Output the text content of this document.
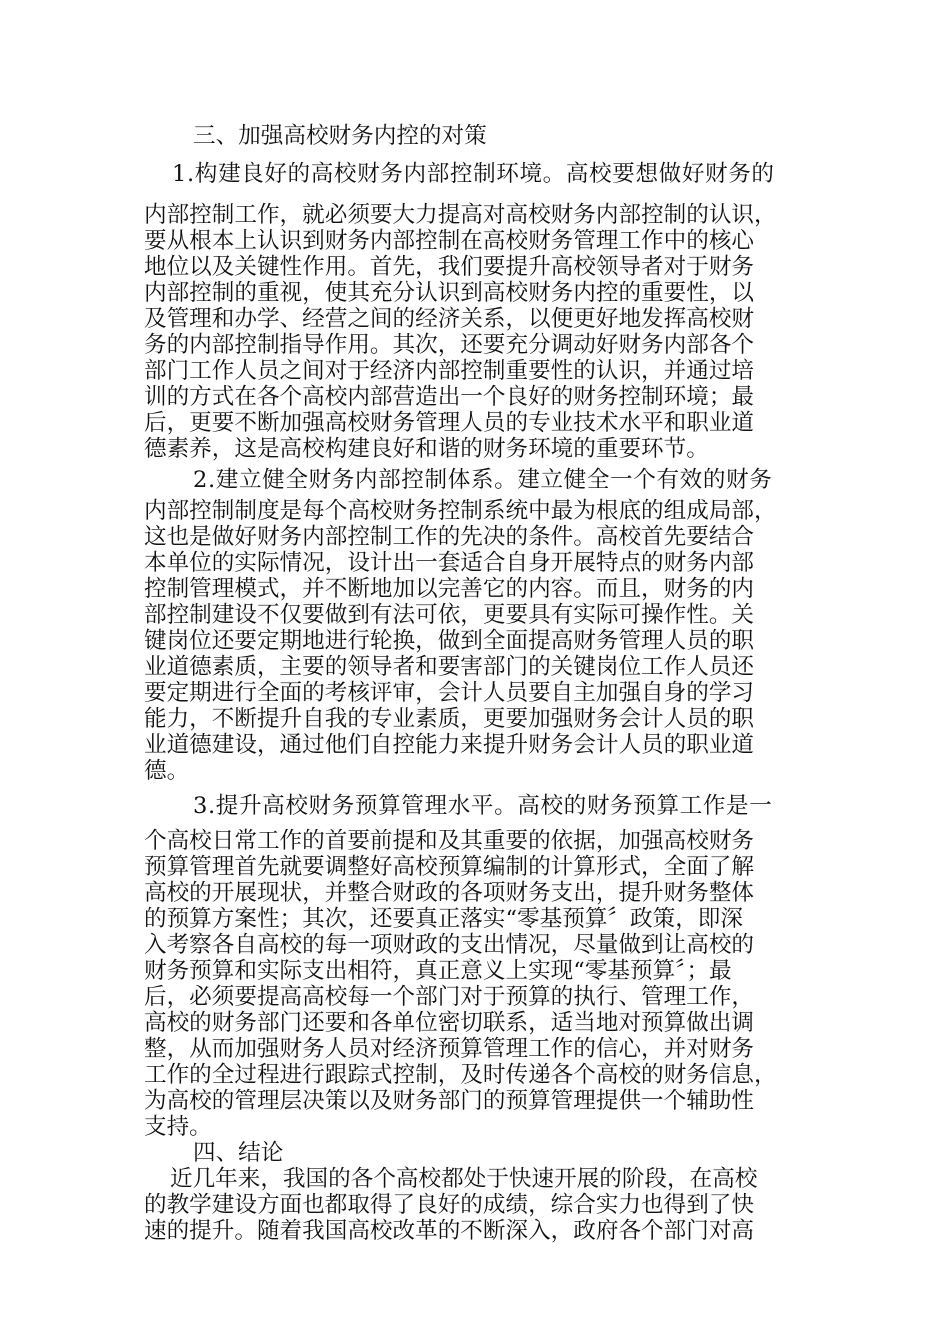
三、加强高校财务内控的对策
1.构建良好的高校财务内部控制环境。高校要想做好财务的
内部控制工作，就必须要大力提高对高校财务内部控制的认识，
要从根本上认识到财务内部控制在高校财务管理工作中的核心
地位以及关键性作用。首先，我们要提升高校领导者对于财务
内部控制的重视，使其充分认识到高校财务内控的重要性，以
及管理和办学、经营之间的经济关系，以便更好地发挥高校财
务的内部控制指导作用。其次，还要充分调动好财务内部各个
部门工作人员之间对于经济内部控制重要性的认识，并通过培
训的方式在各个高校内部营造出一个良好的财务控制环境；最
后，更要不断加强高校财务管理人员的专业技术水平和职业道
德素养，这是高校构建良好和谐的财务环境的重要环节。
2.建立健全财务内部控制体系。建立健全一个有效的财务
内部控制制度是每个高校财务控制系统中最为根底的组成局部，
这也是做好财务内部控制工作的先决的条件。高校首先要结合
本单位的实际情况，设计出一套适合自身开展特点的财务内部
控制管理模式，并不断地加以完善它的内容。而且，财务的内
部控制建设不仅要做到有法可依，更要具有实际可操作性。关
键岗位还要定期地进行轮换，做到全面提高财务管理人员的职
业道德素质，主要的领导者和要害部门的关键岗位工作人员还
要定期进行全面的考核评审，会计人员要自主加强自身的学习
能力，不断提升自我的专业素质，更要加强财务会计人员的职
业道德建设，通过他们自控能力来提升财务会计人员的职业道
德。
3.提升高校财务预算管理水平。高校的财务预算工作是一
个高校日常工作的首要前提和及其重要的依据，加强高校财务
预算管理首先就要调整好高校预算编制的计算形式，全面了解
高校的开展现状，并整合财政的各项财务支出，提升财务整体
的预算方案性；其次，还要真正落实“零基预算〞政策，即深
入考察各自高校的每一项财政的支出情况，尽量做到让高校的
财务预算和实际支出相符，真正意义上实现“零基预算〞；最
后，必须要提高高校每一个部门对于预算的执行、管理工作，
高校的财务部门还要和各单位密切联系，适当地对预算做出调
整，从而加强财务人员对经济预算管理工作的信心，并对财务
工作的全过程进行跟踪式控制，及时传递各个高校的财务信息，
为高校的管理层决策以及财务部门的预算管理提供一个辅助性
支持。
四、结论
近几年来，我国的各个高校都处于快速开展的阶段，在高校
的教学建设方面也都取得了良好的成绩，综合实力也得到了快
速的提升。随着我国高校改革的不断深入，政府各个部门对高
